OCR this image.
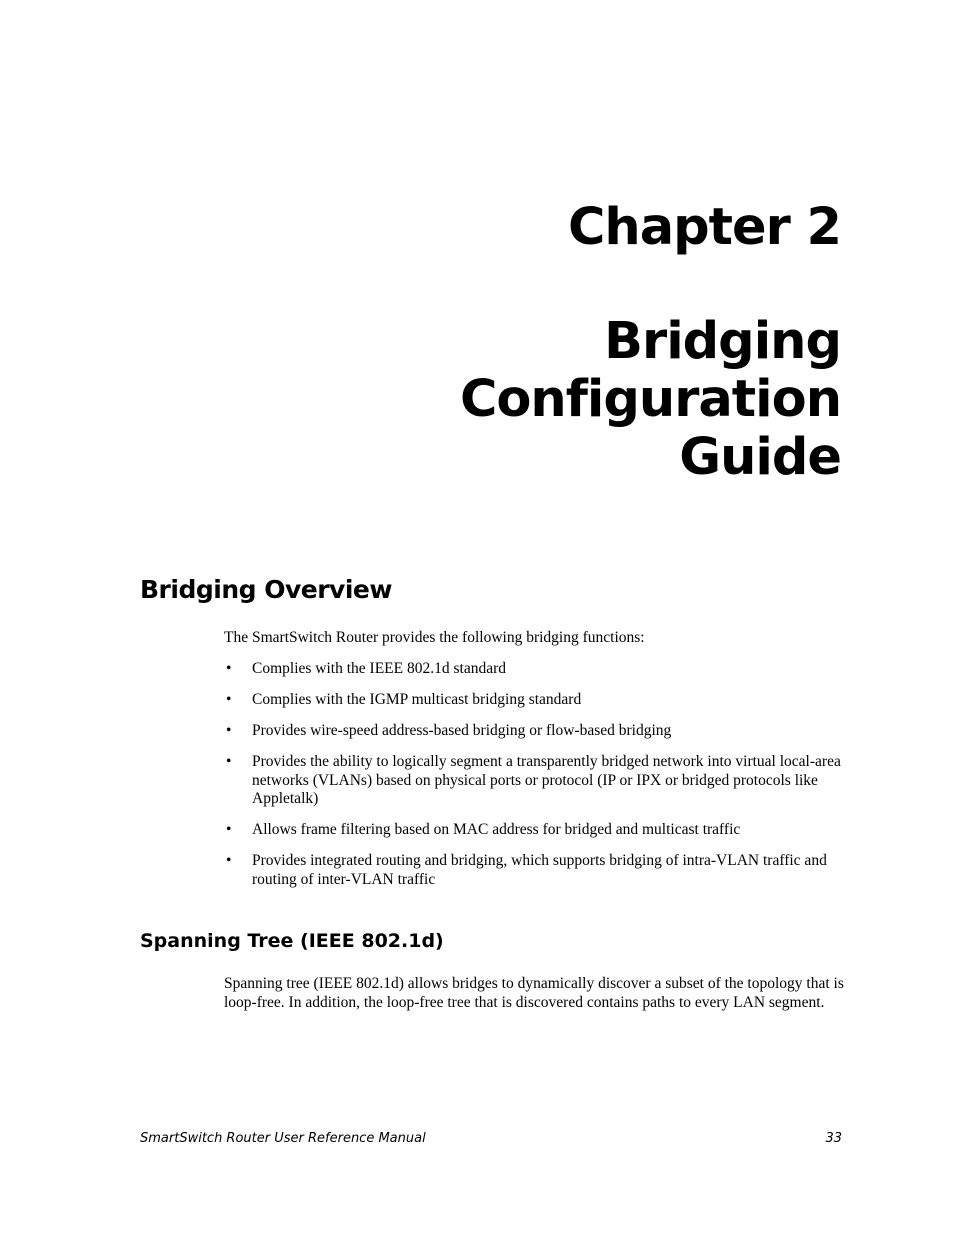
Chapter 2
Bridging
Configuration
Guide
Bridging Overview

The SmartSwitch Router provides the following bridging functions:

• Complies with the IEEE 802.1d standard
• Complies with the IGMP multicast bridging standard
• Provides wire-speed address-based bridging or flow-based bridging
• Provides the ability to logically segment a transparently bridged network into virtual local-area networks (VLANs) based on physical ports or protocol (IP or IPX or bridged protocols like Appletalk)
• Allows frame filtering based on MAC address for bridged and multicast traffic
• Provides integrated routing and bridging, which supports bridging of intra-VLAN traffic and routing of inter-VLAN traffic
Spanning Tree (IEEE 802.1d)

Spanning tree (IEEE 802.1d) allows bridges to dynamically discover a subset of the topology that is loop-free. In addition, the loop-free tree that is discovered contains paths to every LAN segment.

SmartSwitch Router User Reference Manual	33
